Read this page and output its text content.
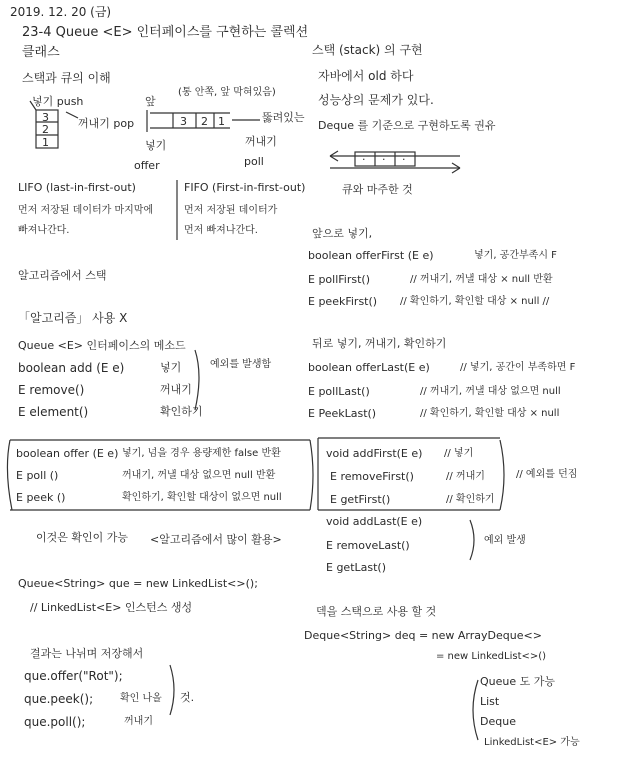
2019. 12. 20 (금)
23-4 Queue <E> 인터페이스를 구현하는 콜렉션
클래스
스택과 큐의 이해
넣기 push
3
2
1
꺼내기 pop
앞
(통 안쪽, 앞 막혀있음)
3 2 1	뚫려있는
넣기	꺼내기
offer	poll
LIFO (last-in-first-out)
먼저 저장된 데이터가 마지막에
빠져나간다.
FIFO (First-in-first-out)
먼저 저장된 데이터가
먼저 빠져나간다.
알고리즘에서 스택
「알고리즘」 사용 X
Queue <E> 인터페이스의 메소드
boolean add (E e)	넣기
E remove()	꺼내기
E element()	확인하기
예외를 발생함
boolean offer (E e) 넣기, 넘을 경우 용량제한 false 반환
E poll ()	꺼내기, 꺼낼 대상 없으면 null 반환
E peek ()	확인하기, 확인할 대상이 없으면 null
이것은 확인이 가능 <알고리즘에서 많이 활용>
Queue<String> que = new LinkedList<>();
// LinkedList<E> 인스턴스 생성
결과는 나뉘며 저장해서
que.offer("Rot");
que.peek();	확인 나올
que.poll();	꺼내기
것.
스택 (stack) 의 구현
자바에서 old 하다
성능상의 문제가 있다.
Deque 를 기준으로 구현하도록 권유
· · ·
큐와 마주한 것
앞으로 넣기,
boolean offerFirst (E e)	넣기, 공간부족시 F
E pollFirst()	// 꺼내기, 꺼낼 대상 × null 반환
E peekFirst() // 확인하기, 확인할 대상 × null //
뒤로 넣기, 꺼내기, 확인하기
boolean offerLast(E e)	// 넣기, 공간이 부족하면 F
E pollLast()	// 꺼내기, 꺼낼 대상 없으면 null
E PeekLast()	// 확인하기, 확인할 대상 × null
void addFirst(E e) // 넣기
E removeFirst()	// 꺼내기
E getFirst()	// 확인하기
// 예외를 던짐
void addLast(E e)
E removeLast()
E getLast()
예외 발생
덱을 스택으로 사용 할 것
Deque<String> deq = new ArrayDeque<>
= new LinkedList<>()
Queue 도 가능
List
Deque
LinkedList<E> 가능
